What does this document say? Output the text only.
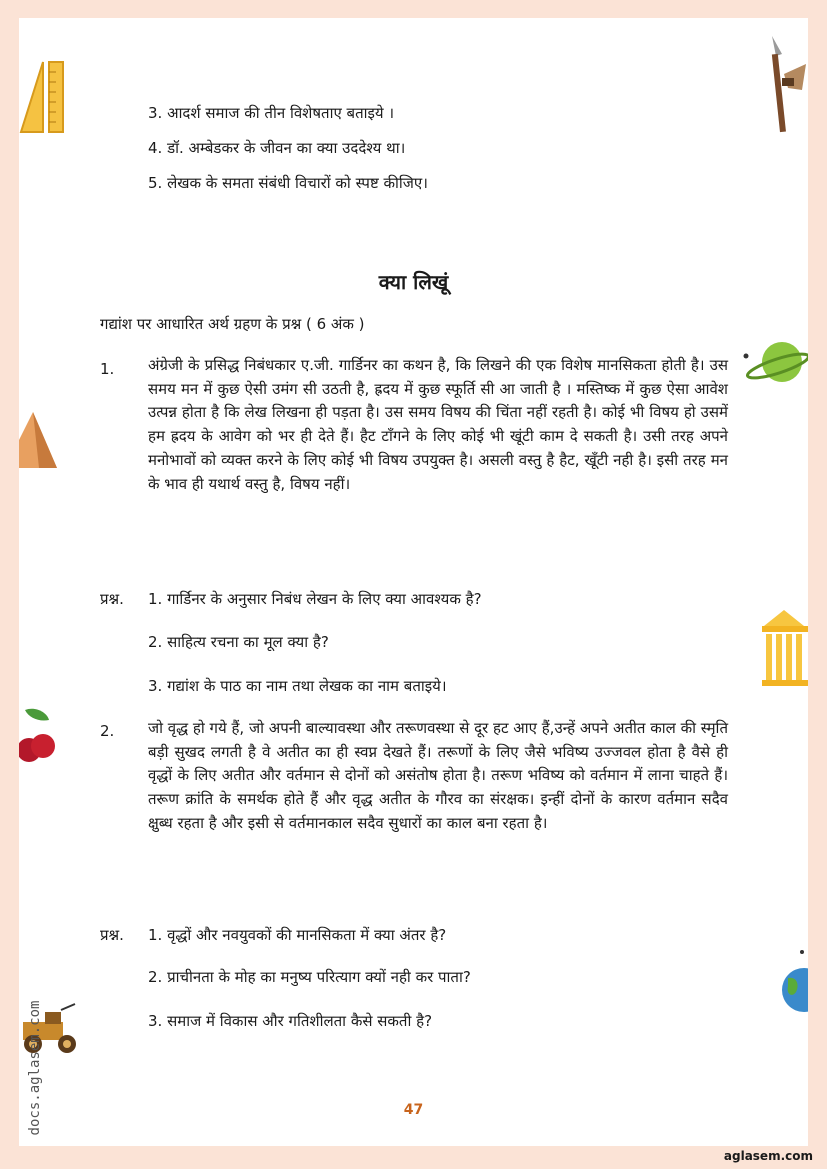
3. आदर्श समाज की तीन विशेषताए बताइये ।
4. डॉ. अम्बेडकर के जीवन का क्या उददेश्य था।
5. लेखक के समता संबंधी विचारों को स्पष्ट कीजिए।
क्या लिखूं
गद्यांश पर आधारित अर्थ ग्रहण के प्रश्न ( 6 अंक )
1. अंग्रेजी के प्रसिद्ध निबंधकार ए.जी. गार्डिनर का कथन है, कि लिखने की एक विशेष मानसिकता होती है। उस समय मन में कुछ ऐसी उमंग सी उठती है, ह्रदय में कुछ स्फूर्ति सी आ जाती है । मस्तिष्क में कुछ ऐसा आवेश उत्पन्न होता है कि लेख लिखना ही पड़ता है। उस समय विषय की चिंता नहीं रहती है। कोई भी विषय हो उसमें हम ह्रदय के आवेग को भर ही देते हैं। हैट टाँगने के लिए कोई भी खूंटी काम दे सकती है। उसी तरह अपने मनोभावों को व्यक्त करने के लिए कोई भी विषय उपयुक्त है। असली वस्तु है हैट, खूँटी नही है। इसी तरह मन के भाव ही यथार्थ वस्तु है, विषय नहीं।
प्रश्न. 1. गार्डिनर के अनुसार निबंध लेखन के लिए क्या आवश्यक है?
2. साहित्य रचना का मूल क्या है?
3. गद्यांश के पाठ का नाम तथा लेखक का नाम बताइये।
2. जो वृद्ध हो गये हैं, जो अपनी बाल्यावस्था और तरूणवस्था से दूर हट आए हैं,उन्हें अपने अतीत काल की स्मृति बड़ी सुखद लगती है वे अतीत का ही स्वप्न देखते हैं। तरूणों के लिए जैसे भविष्य उज्जवल होता है वैसे ही वृद्धों के लिए अतीत और वर्तमान से दोनों को असंतोष होता है। तरूण भविष्य को वर्तमान में लाना चाहते हैं। तरूण क्रांति के समर्थक होते हैं और वृद्ध अतीत के गौरव का संरक्षक। इन्हीं दोनों के कारण वर्तमान सदैव क्षुब्ध रहता है और इसी से वर्तमानकाल सदैव सुधारों का काल बना रहता है।
प्रश्न. 1. वृद्धों और नवयुवकों की मानसिकता में क्या अंतर है?
2. प्राचीनता के मोह का मनुष्य परित्याग क्यों नही कर पाता?
3. समाज में विकास और गतिशीलता कैसे सकती है?
47
aglasem.com
docs.aglasem.com
